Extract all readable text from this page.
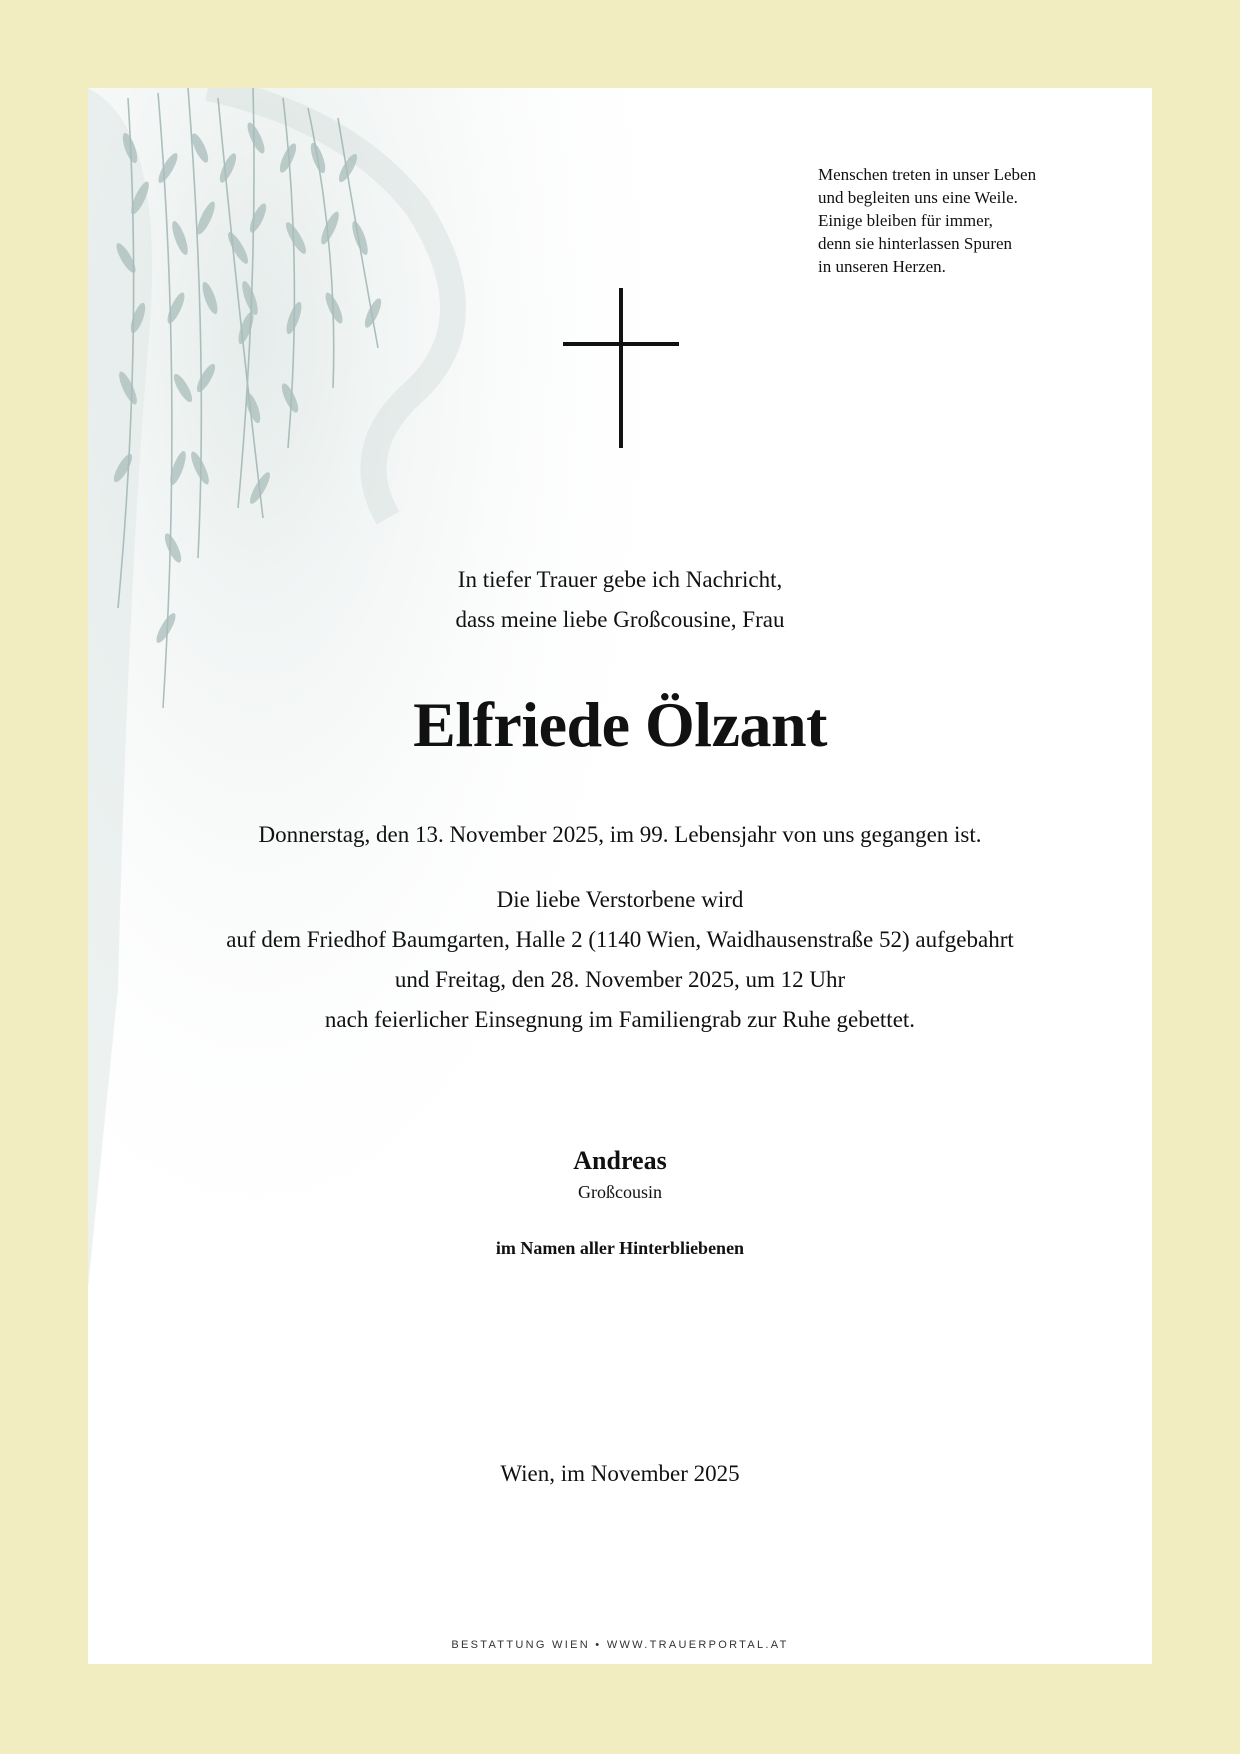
Menschen treten in unser Leben
und begleiten uns eine Weile.
Einige bleiben für immer,
denn sie hinterlassen Spuren
in unseren Herzen.
In tiefer Trauer gebe ich Nachricht,
dass meine liebe Großcousine, Frau
Elfriede Ölzant
Donnerstag, den 13. November 2025, im 99. Lebensjahr von uns gegangen ist.
Die liebe Verstorbene wird
auf dem Friedhof Baumgarten, Halle 2 (1140 Wien, Waidhausenstraße 52) aufgebahrt
und Freitag, den 28. November 2025, um 12 Uhr
nach feierlicher Einsegnung im Familiengrab zur Ruhe gebettet.
Andreas
Großcousin
im Namen aller Hinterbliebenen
Wien, im November 2025
BESTATTUNG WIEN • WWW.TRAUERPORTAL.AT
